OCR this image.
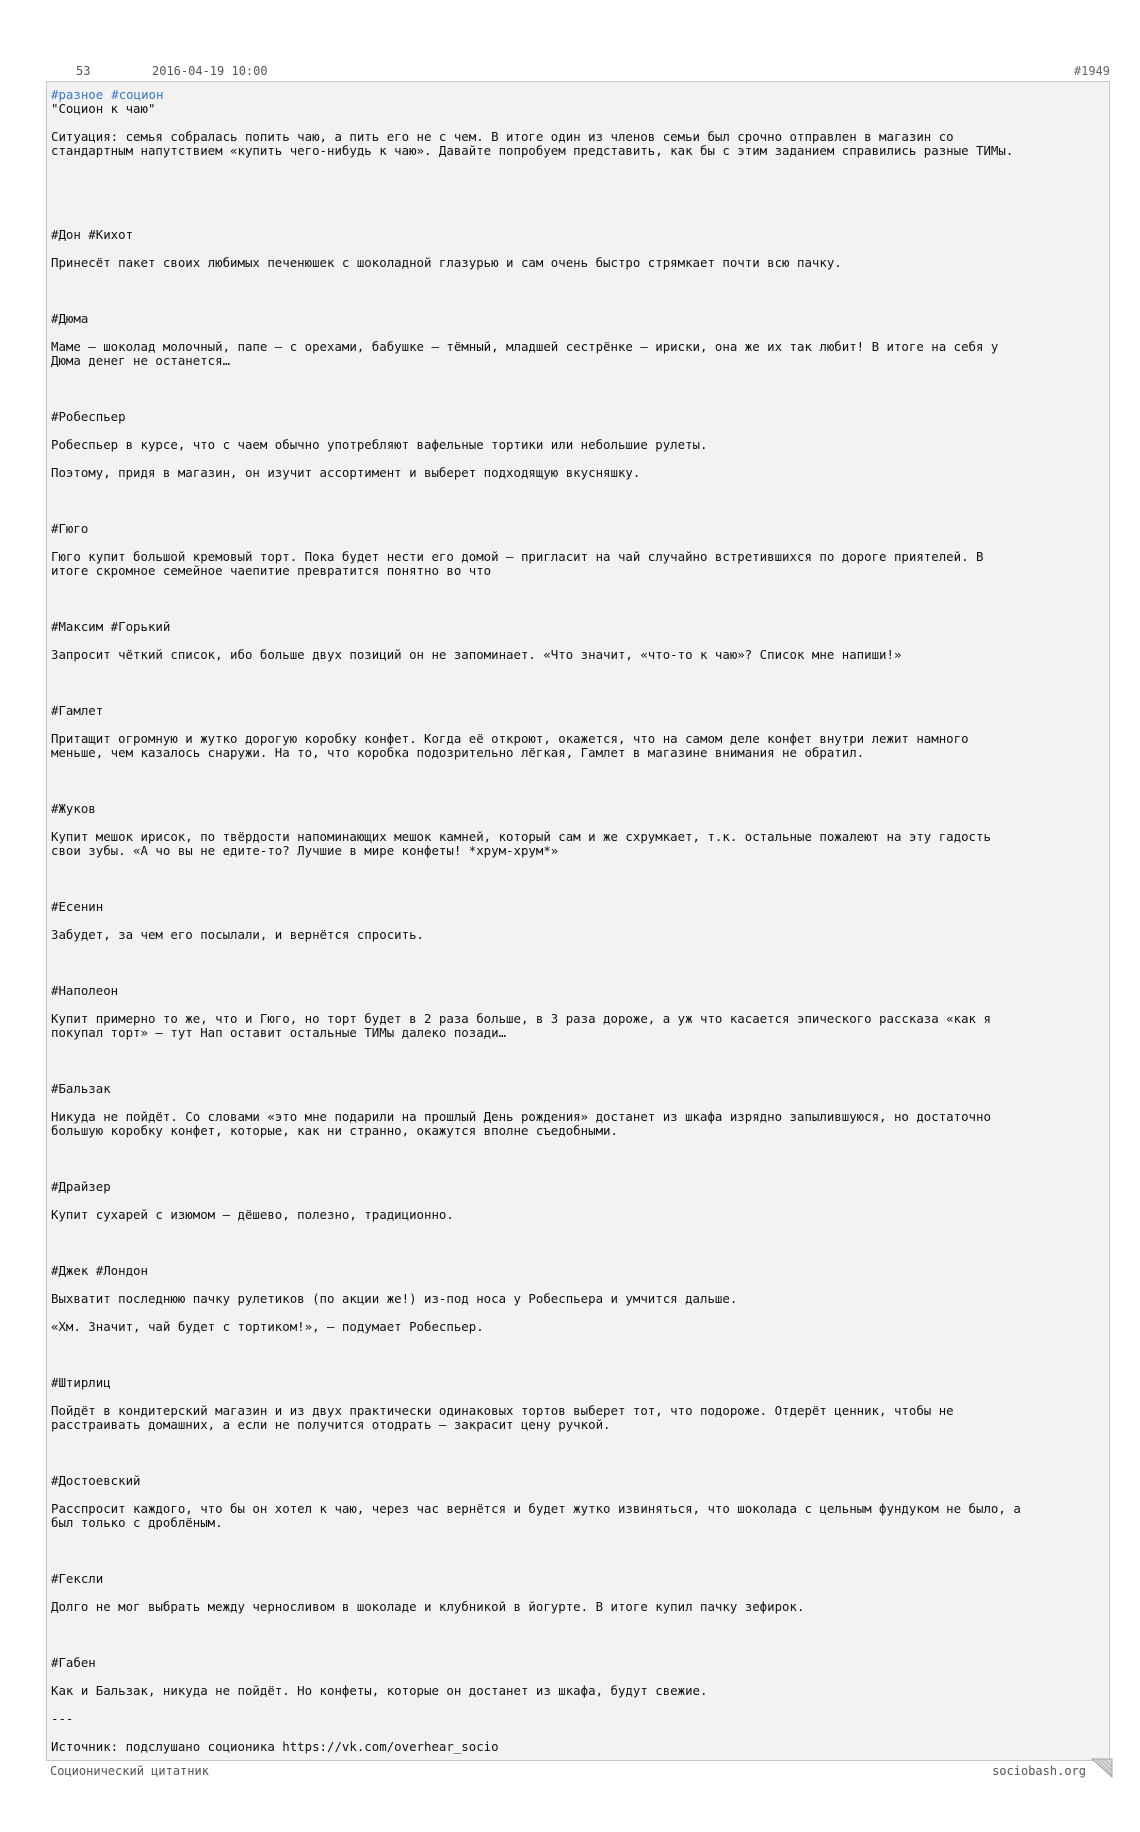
53	2016-04-19 10:00	# 1949
# разное # социон

"Социон к чаю"

Ситуация: семья собралась попить чаю, а пить его не с чем. В итоге один из членов семьи был срочно отправлен в магазин со
стандартным напутствием «купить чего-нибудь к чаю». Давайте попробуем представить, как бы с этим заданием справились разные ТИМы.

#Дон #Кихот

Принесёт пакет своих любимых печенюшек с шоколадной глазурью и сам очень быстро стрямкает почти всю пачку.

#Дюма

Маме – шоколад молочный, папе – с орехами, бабушке – тёмный, младшей сестрёнке – ириски, она же их так любит! В итоге на себя у
Дюма денег не останется…

#Робеспьер

Робеспьер в курсе, что с чаем обычно употребляют вафельные тортики или небольшие рулеты.

Поэтому, придя в магазин, он изучит ассортимент и выберет подходящую вкусняшку.

#Гюго

Гюго купит большой кремовый торт. Пока будет нести его домой – пригласит на чай случайно встретившихся по дороге приятелей. В
итоге скромное семейное чаепитие превратится понятно во что

#Максим #Горький

Запросит чёткий список, ибо больше двух позиций он не запоминает. «Что значит, «что-то к чаю»? Список мне напиши!»

#Гамлет

Притащит огромную и жутко дорогую коробку конфет. Когда её откроют, окажется, что на самом деле конфет внутри лежит намного
меньше, чем казалось снаружи. На то, что коробка подозрительно лёгкая, Гамлет в магазине внимания не обратил.

#Жуков

Купит мешок ирисок, по твёрдости напоминающих мешок камней, который сам и же схрумкает, т.к. остальные пожалеют на эту гадость
свои зубы. «А чо вы не едите-то? Лучшие в мире конфеты! *хрум-хрум*»

#Есенин

Забудет, за чем его посылали, и вернётся спросить.

#Наполеон

Купит примерно то же, что и Гюго, но торт будет в 2 раза больше, в 3 раза дороже, а уж что касается эпического рассказа «как я
покупал торт» – тут Нап оставит остальные ТИМы далеко позади…

#Бальзак

Никуда не пойдёт. Со словами «это мне подарили на прошлый День рождения» достанет из шкафа изрядно запылившуюся, но достаточно
большую коробку конфет, которые, как ни странно, окажутся вполне съедобными.

#Драйзер

Купит сухарей с изюмом – дёшево, полезно, традиционно.

#Джек #Лондон

Выхватит последнюю пачку рулетиков (по акции же!) из-под носа у Робеспьера и умчится дальше.

«Хм. Значит, чай будет с тортиком!», – подумает Робеспьер.

#Штирлиц

Пойдёт в кондитерский магазин и из двух практически одинаковых тортов выберет тот, что подороже. Отдерёт ценник, чтобы не
расстраивать домашних, а если не получится отодрать – закрасит цену ручкой.

#Достоевский

Расспросит каждого, что бы он хотел к чаю, через час вернётся и будет жутко извиняться, что шоколада с цельным фундуком не было, а
был только с дроблёным.

#Гексли

Долго не мог выбрать между черносливом в шоколаде и клубникой в йогурте. В итоге купил пачку зефирок.

#Габен

Как и Бальзак, никуда не пойдёт. Но конфеты, которые он достанет из шкафа, будут свежие.

---

Источник: подслушано соционика https://vk.com/overhear_socio

Соционический цитатник	sociobash.org
